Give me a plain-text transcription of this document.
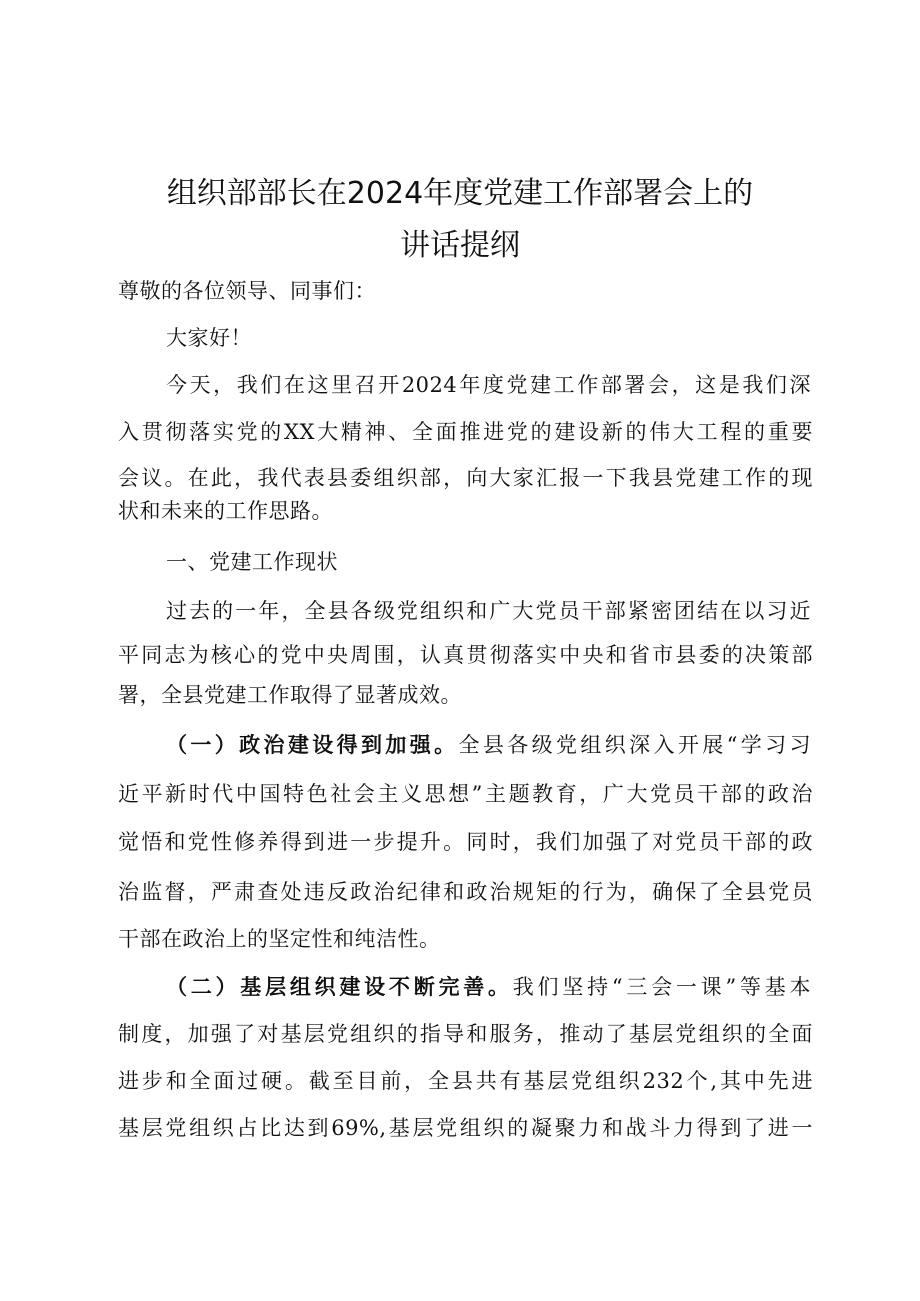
组织部部长在2024年度党建工作部署会上的
讲话提纲

尊敬的各位领导、同事们：

大家好！

今天，我们在这里召开2024年度党建工作部署会，这是我们深

入贯彻落实党的XX大精神、全面推进党的建设新的伟大工程的重要

会议。在此，我代表县委组织部，向大家汇报一下我县党建工作的现

状和未来的工作思路。

一、党建工作现状

过去的一年，全县各级党组织和广大党员干部紧密团结在以习近

平同志为核心的党中央周围，认真贯彻落实中央和省市县委的决策部

署，全县党建工作取得了显著成效。

（一）政治建设得到加强。全县各级党组织深入开展“学习习

近平新时代中国特色社会主义思想”主题教育，广大党员干部的政治

觉悟和党性修养得到进一步提升。同时，我们加强了对党员干部的政

治监督，严肃查处违反政治纪律和政治规矩的行为，确保了全县党员

干部在政治上的坚定性和纯洁性。

（二）基层组织建设不断完善。我们坚持“三会一课”等基本

制度，加强了对基层党组织的指导和服务，推动了基层党组织的全面

进步和全面过硬。截至目前，全县共有基层党组织232个,其中先进

基层党组织占比达到69%,基层党组织的凝聚力和战斗力得到了进一
